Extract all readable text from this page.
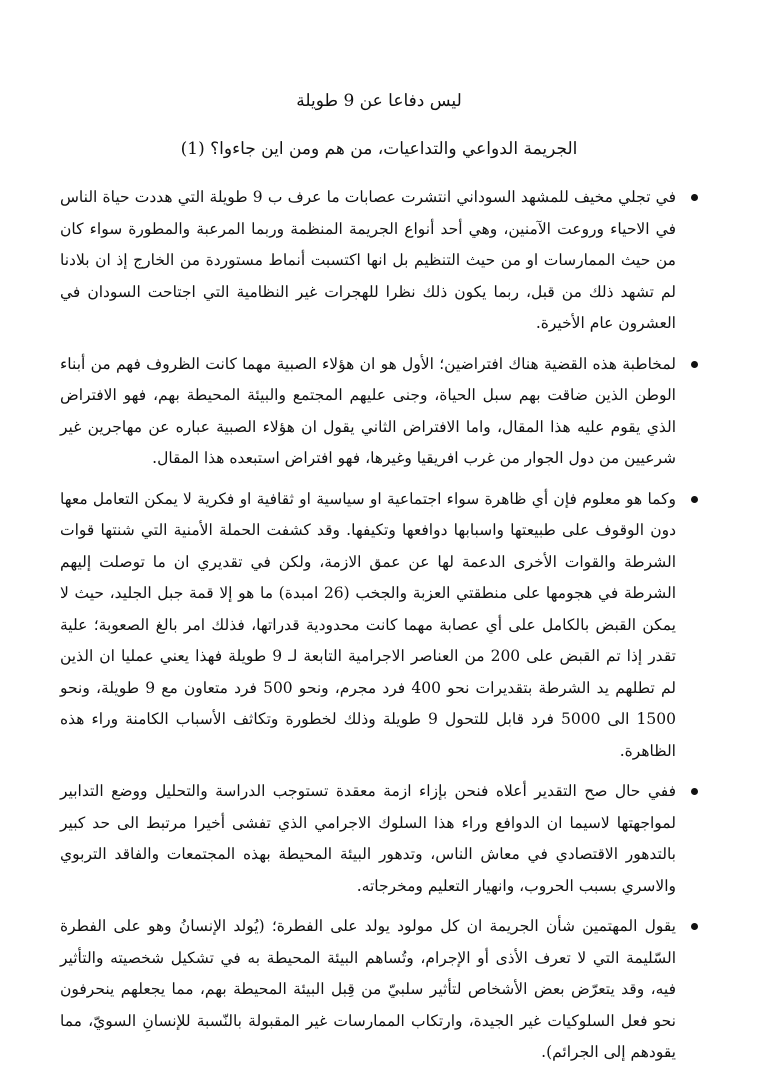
ليس دفاعا عن 9 طويلة
الجريمة الدواعي والتداعيات، من هم ومن اين جاءوا؟ (1)
في تجلي مخيف للمشهد السوداني انتشرت عصابات ما عرف ب 9 طويلة التي هددت حياة الناس في الاحياء وروعت الآمنين، وهي أحد أنواع الجريمة المنظمة وربما المرعبة والمطورة سواء كان من حيث الممارسات او من حيث التنظيم بل انها اكتسبت أنماط مستوردة من الخارج إذ ان بلادنا لم تشهد ذلك من قبل، ربما يكون ذلك نظرا للهجرات غير النظامية التي اجتاحت السودان في العشرون عام الأخيرة.
لمخاطبة هذه القضية هناك افتراضين؛ الأول هو ان هؤلاء الصبية مهما كانت الظروف فهم من أبناء الوطن الذين ضاقت بهم سبل الحياة، وجنى عليهم المجتمع والبيئة المحيطة بهم، فهو الافتراض الذي يقوم عليه هذا المقال، واما الافتراض الثاني يقول ان هؤلاء الصبية عباره عن مهاجرين غير شرعيين من دول الجوار من غرب افريقيا وغيرها، فهو افتراض استبعده هذا المقال.
وكما هو معلوم فإن أي ظاهرة سواء اجتماعية او سياسية او ثقافية او فكرية لا يمكن التعامل معها دون الوقوف على طبيعتها واسبابها دوافعها وتكيفها. وقد كشفت الحملة الأمنية التي شنتها قوات الشرطة والقوات الأخرى الدعمة لها عن عمق الازمة، ولكن في تقديري ان ما توصلت إليهم الشرطة في هجومها على منطقتي العزبة والجخب (26 امبدة) ما هو إلا قمة جبل الجليد، حيث لا يمكن القبض بالكامل على أي عصابة مهما كانت محدودية قدراتها، فذلك امر بالغ الصعوبة؛ علية تقدر إذا تم القبض على 200 من العناصر الاجرامية التابعة لـ 9 طويلة فهذا يعني عمليا ان الذين لم تطلهم يد الشرطة بتقديرات نحو 400 فرد مجرم، ونحو 500 فرد متعاون مع 9 طويلة، ونحو 1500 الى 5000 فرد قابل للتحول 9 طويلة وذلك لخطورة وتكاثف الأسباب الكامنة وراء هذه الظاهرة.
ففي حال صح التقدير أعلاه فنحن بإزاء ازمة معقدة تستوجب الدراسة والتحليل ووضع التدابير لمواجهتها لاسيما ان الدوافع وراء هذا السلوك الاجرامي الذي تفشى أخيرا مرتبط الى حد كبير بالتدهور الاقتصادي في معاش الناس، وتدهور البيئة المحيطة بهذه المجتمعات والفاقد التربوي والاسري بسبب الحروب، وانهيار التعليم ومخرجاته.
يقول المهتمين شأن الجريمة ان كل مولود يولد على الفطرة؛ (يُولد الإنسانُ وهو على الفطرة السّليمة التي لا تعرف الأذى أو الإجرام، وتُساهم البيئة المحيطة به في تشكيل شخصيته والتأثير فيه، وقد يتعرّض بعض الأشخاص لتأثير سلبيّ من قِبل البيئة المحيطة بهم، مما يجعلهم ينحرفون نحو فعل السلوكيات غير الجيدة، وارتكاب الممارسات غير المقبولة بالنّسبة للإنسانِ السويّ، مما يقودهم إلى الجرائم).
